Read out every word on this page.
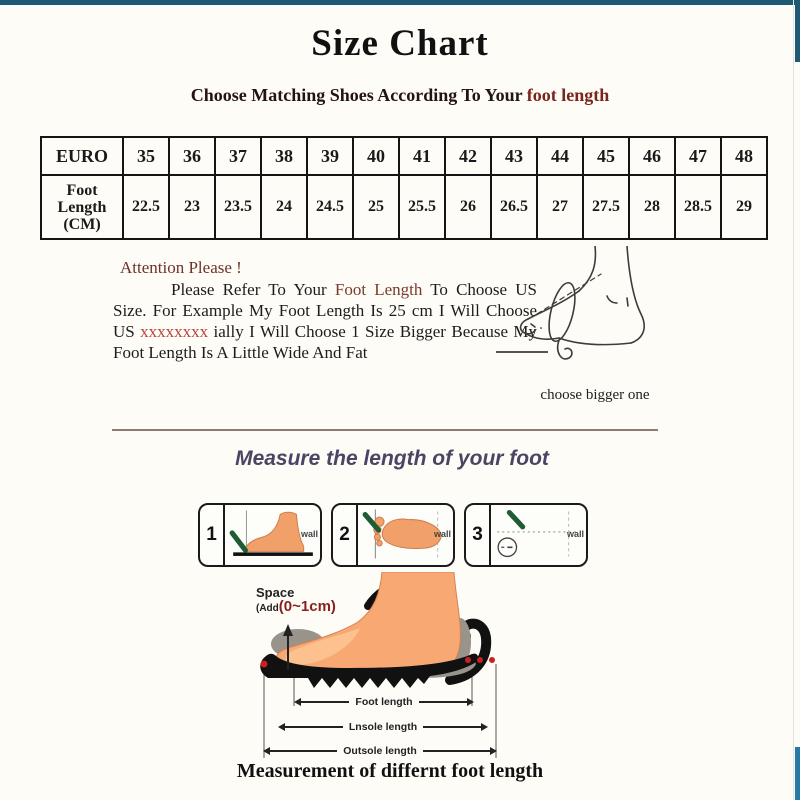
Size Chart
Choose Matching Shoes According To Your foot length
EURO	35	36	37	38	39	40	41	42	43	44	45	46	47	48
Foot Length (CM)	22.5	23	23.5	24	24.5	25	25.5	26	26.5	27	27.5	28	28.5	29
Attention Please !

Please Refer To Your Foot Length To Choose US Size. For Example My Foot Length Is 25 cm I Will Choose US xxxxxxxx ially I Will Choose 1 Size Bigger Because My Foot Length Is A Little Wide And Fat

choose bigger one
Measure the length of your foot
1	wall	2	wall	3	wall
Space
(Add(0~1cm)
Foot length
Lnsole length
Outsole length
Measurement of differnt foot length
